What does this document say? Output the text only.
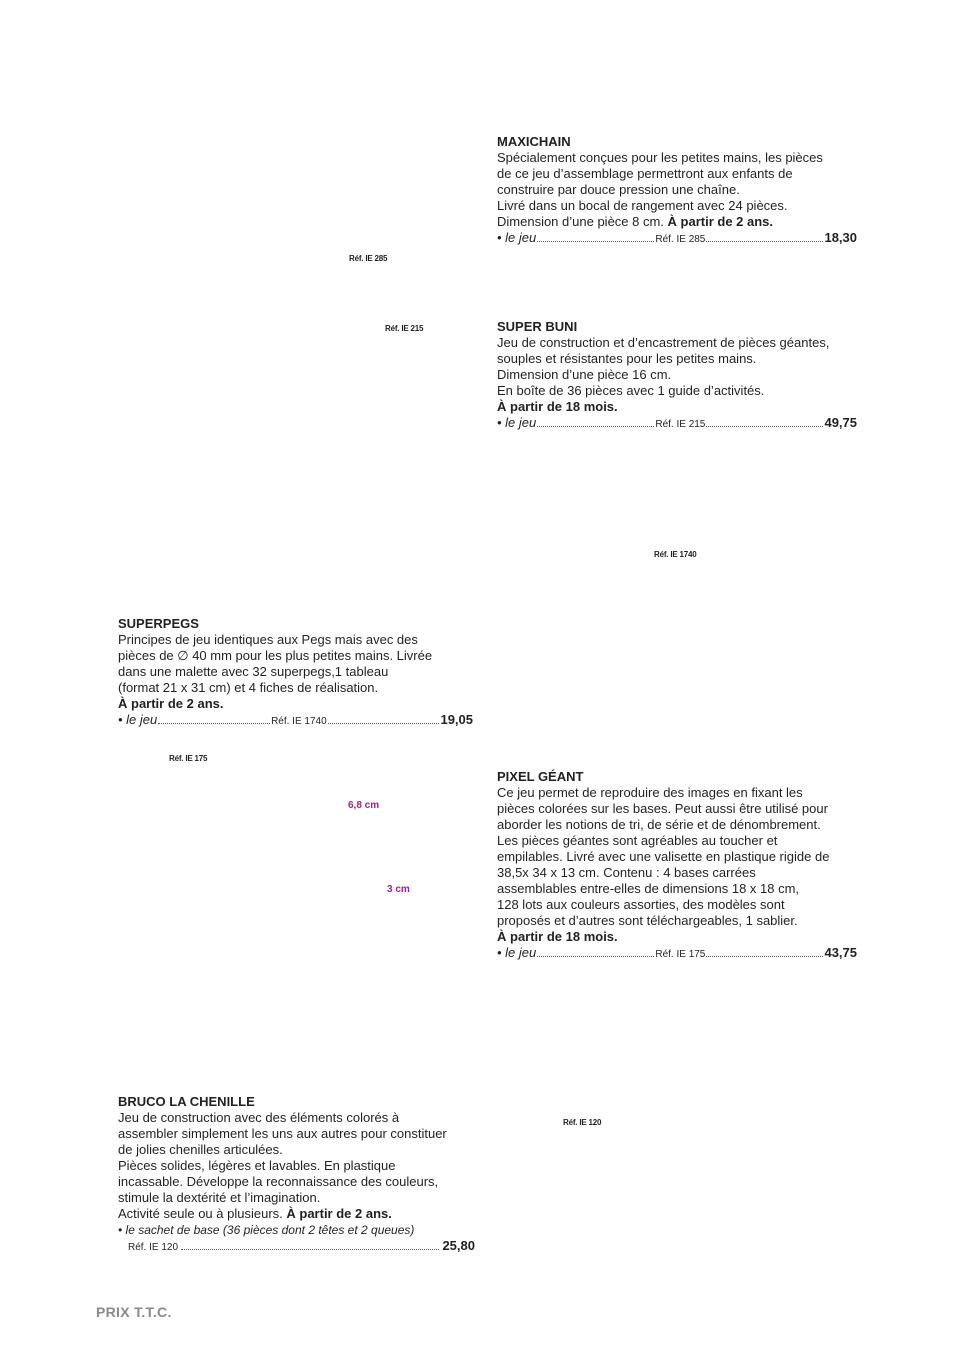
MAXICHAIN
Spécialement conçues pour les petites mains, les pièces
de ce jeu d’assemblage permettront aux enfants de
construire par douce pression une chaîne.
Livré dans un bocal de rangement avec 24 pièces.
Dimension d’une pièce 8 cm. À partir de 2 ans.
• le jeu	Réf. IE 285	18,30
SUPER BUNI
Jeu de construction et d’encastrement de pièces géantes,
souples et résistantes pour les petites mains.
Dimension d’une pièce 16 cm.
En boîte de 36 pièces avec 1 guide d’activités.
À partir de 18 mois.
• le jeu	Réf. IE 215	49,75
SUPERPEGS
Principes de jeu identiques aux Pegs mais avec des
pièces de ∅ 40 mm pour les plus petites mains. Livrée
dans une malette avec 32 superpegs,1 tableau
(format 21 x 31 cm) et 4 fiches de réalisation.
À partir de 2 ans.
• le jeu	Réf. IE 1740	19,05
PIXEL GÉANT
Ce jeu permet de reproduire des images en fixant les
pièces colorées sur les bases. Peut aussi être utilisé pour
aborder les notions de tri, de série et de dénombrement.
Les pièces géantes sont agréables au toucher et
empilables. Livré avec une valisette en plastique rigide de
38,5x 34 x 13 cm. Contenu : 4 bases carrées
assemblables entre-elles de dimensions 18 x 18 cm,
128 lots aux couleurs assorties, des modèles sont
proposés et d’autres sont téléchargeables, 1 sablier.
À partir de 18 mois.
• le jeu	Réf. IE 175	43,75
BRUCO LA CHENILLE
Jeu de construction avec des éléments colorés à
assembler simplement les uns aux autres pour constituer
de jolies chenilles articulées.
Pièces solides, légères et lavables. En plastique
incassable. Développe la reconnaissance des couleurs,
stimule la dextérité et l’imagination.
Activité seule ou à plusieurs. À partir de 2 ans.
• le sachet de base (36 pièces dont 2 têtes et 2 queues)
Réf. IE 120	25,80
Réf. IE 285
Réf. IE 215
Réf. IE 1740
Réf. IE 175
Réf. IE 120
6,8 cm
3 cm
PRIX T.T.C.
